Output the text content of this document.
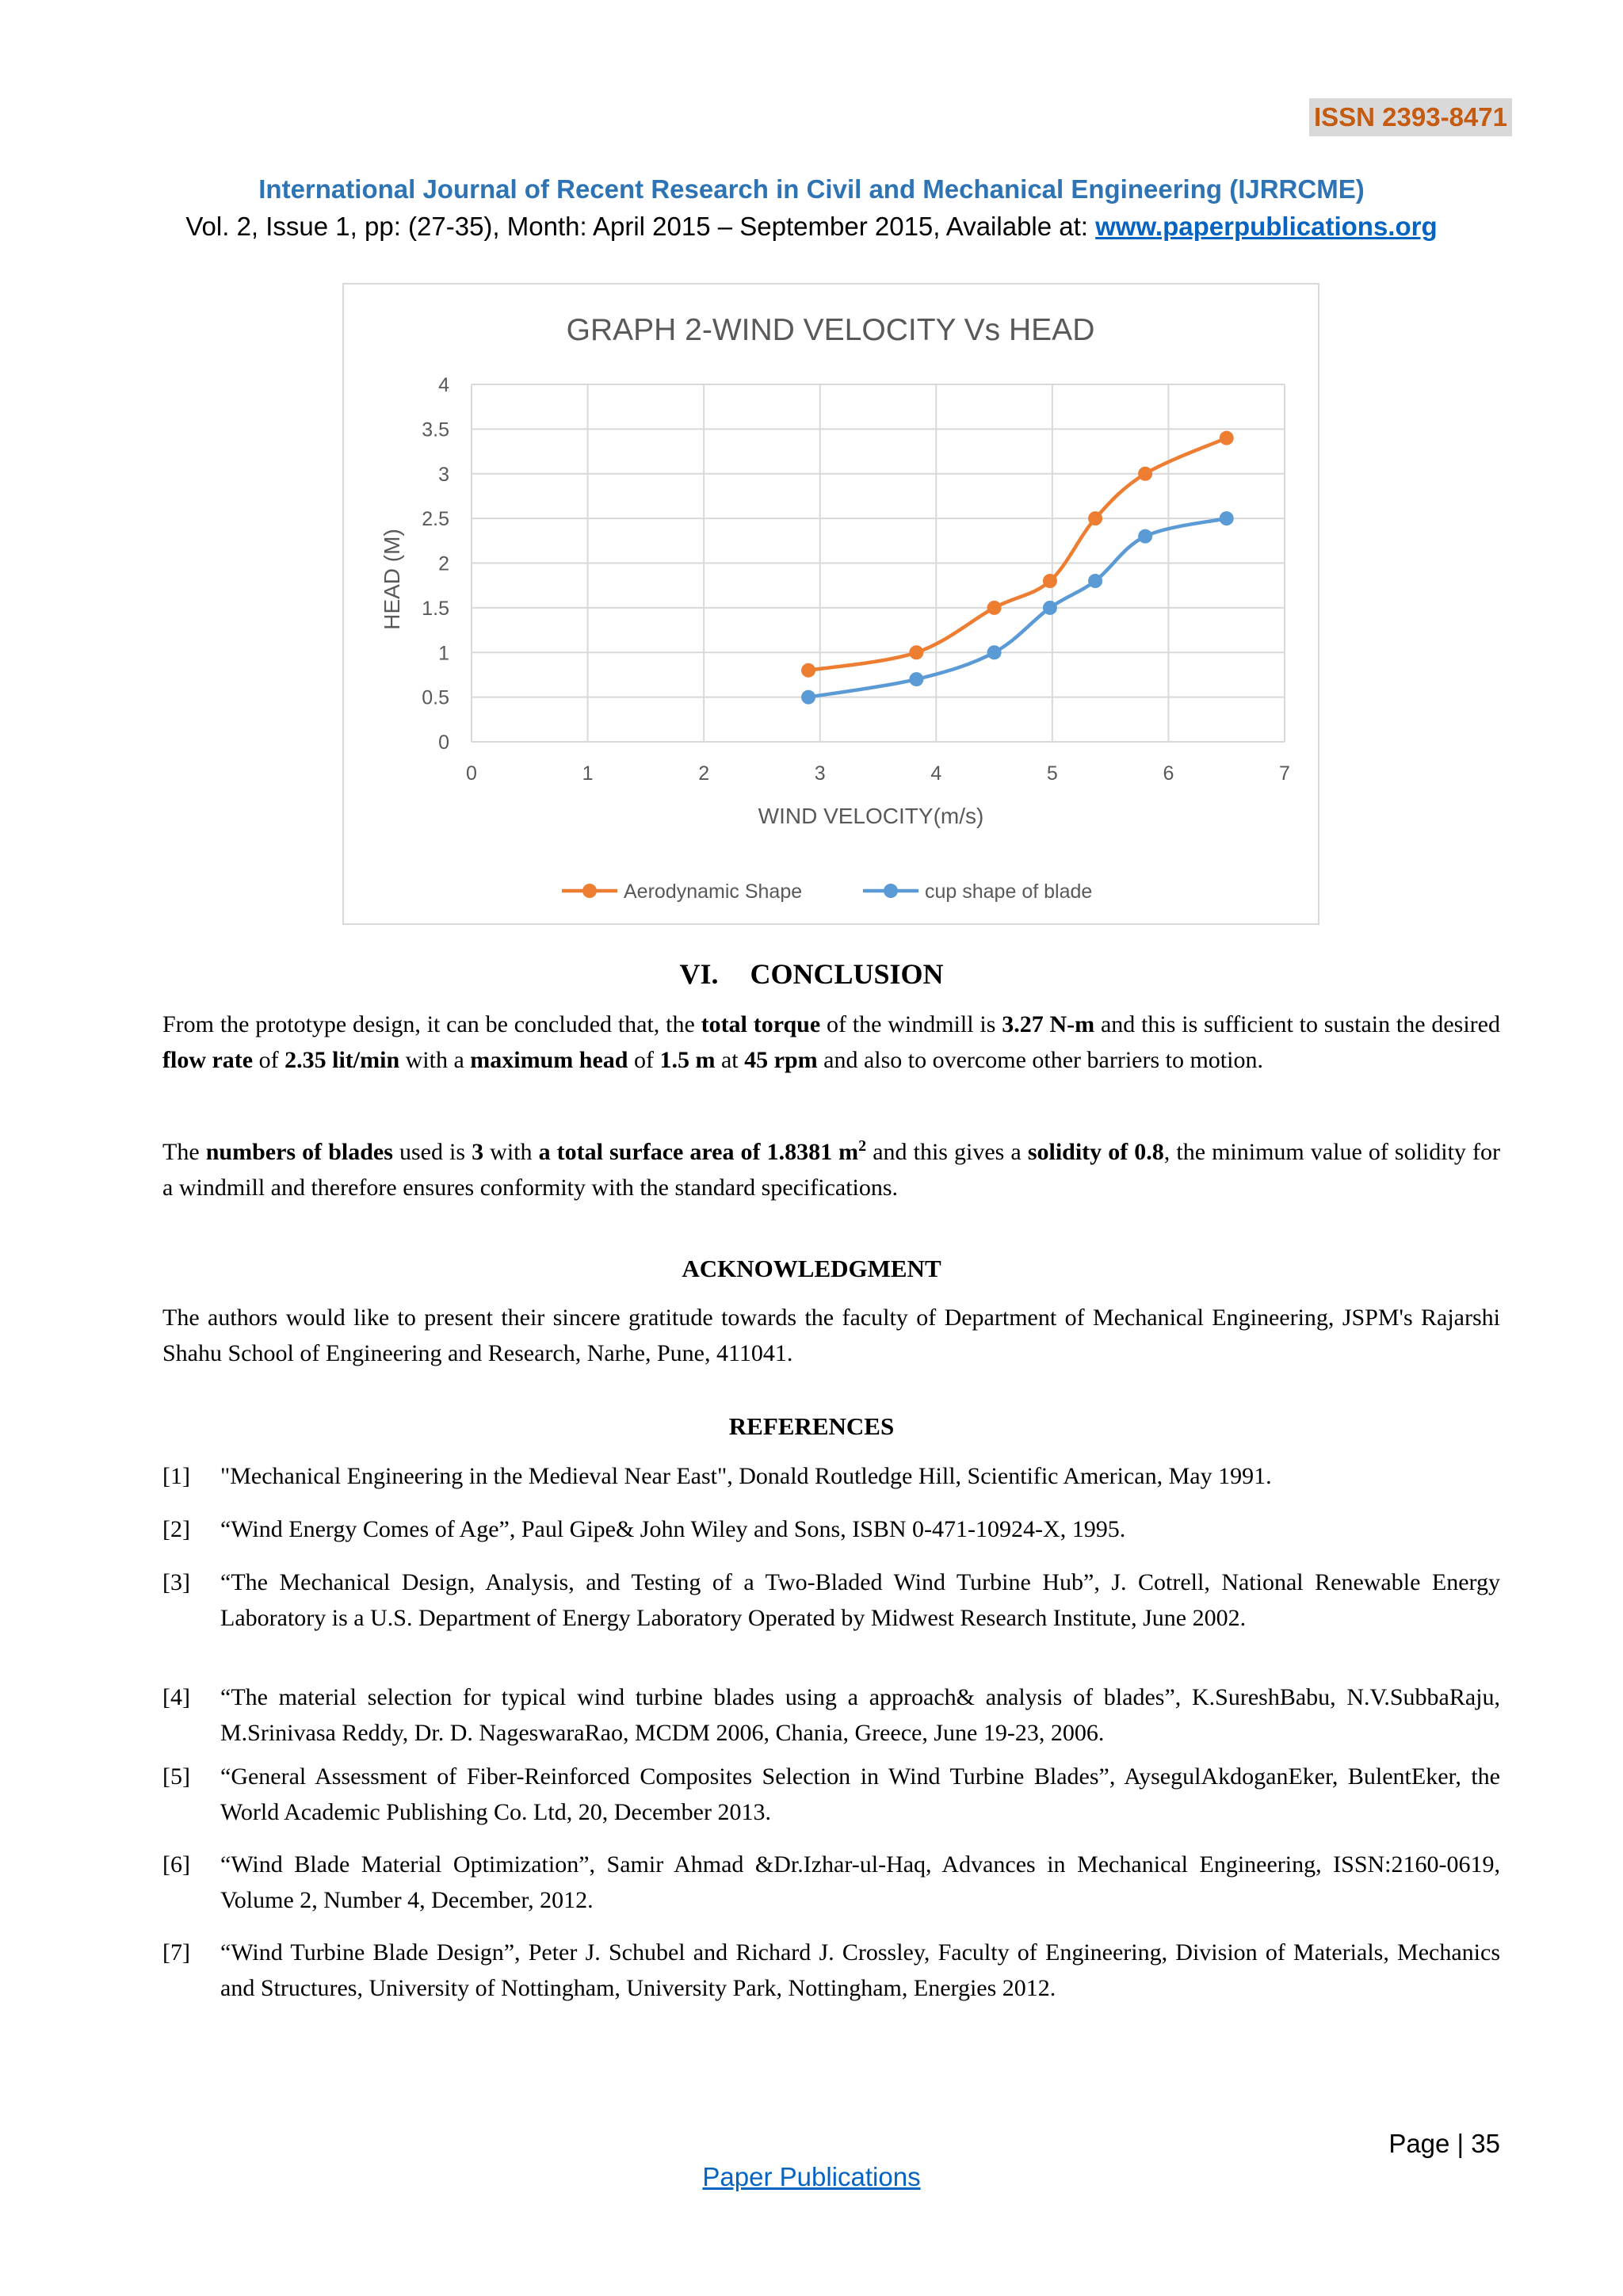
ISSN 2393-8471
International Journal of Recent Research in Civil and Mechanical Engineering (IJRRCME)
Vol. 2, Issue 1, pp: (27-35), Month: April 2015 – September 2015, Available at: www.paperpublications.org
GRAPH 2-WIND VELOCITY Vs HEAD
HEAD (M)
WIND VELOCITY(m/s)
0
0.5
1
1.5
2
2.5
3
3.5
4
0	1	2	3	4	5	6	7
Aerodynamic Shape	cup shape of blade
VI. CONCLUSION
From the prototype design, it can be concluded that, the total torque of the windmill is 3.27 N-m and this is sufficient to sustain the desired flow rate of 2.35 lit/min with a maximum head of 1.5 m at 45 rpm and also to overcome other barriers to motion.
The numbers of blades used is 3 with a total surface area of 1.8381 $m^2$ and this gives a solidity of 0.8, the minimum value of solidity for a windmill and therefore ensures conformity with the standard specifications.
ACKNOWLEDGMENT
The authors would like to present their sincere gratitude towards the faculty of Department of Mechanical Engineering, JSPM's Rajarshi Shahu School of Engineering and Research, Narhe, Pune, 411041.
REFERENCES
[1] "Mechanical Engineering in the Medieval Near East", Donald Routledge Hill, Scientific American, May 1991.
[2] “Wind Energy Comes of Age”, Paul Gipe& John Wiley and Sons, ISBN 0-471-10924-X, 1995.
[3] “The Mechanical Design, Analysis, and Testing of a Two-Bladed Wind Turbine Hub”, J. Cotrell, National Renewable Energy Laboratory is a U.S. Department of Energy Laboratory Operated by Midwest Research Institute, June 2002.
[4] “The material selection for typical wind turbine blades using a approach& analysis of blades”, K.SureshBabu, N.V.SubbaRaju, M.Srinivasa Reddy, Dr. D. NageswaraRao, MCDM 2006, Chania, Greece, June 19-23, 2006.
[5] “General Assessment of Fiber-Reinforced Composites Selection in Wind Turbine Blades”, AysegulAkdoganEker, BulentEker, the World Academic Publishing Co. Ltd, 20, December 2013.
[6] “Wind Blade Material Optimization”, Samir Ahmad &Dr.Izhar-ul-Haq, Advances in Mechanical Engineering, ISSN:2160-0619, Volume 2, Number 4, December, 2012.
[7] “Wind Turbine Blade Design”, Peter J. Schubel and Richard J. Crossley, Faculty of Engineering, Division of Materials, Mechanics and Structures, University of Nottingham, University Park, Nottingham, Energies 2012.
Page | 35
Paper Publications
